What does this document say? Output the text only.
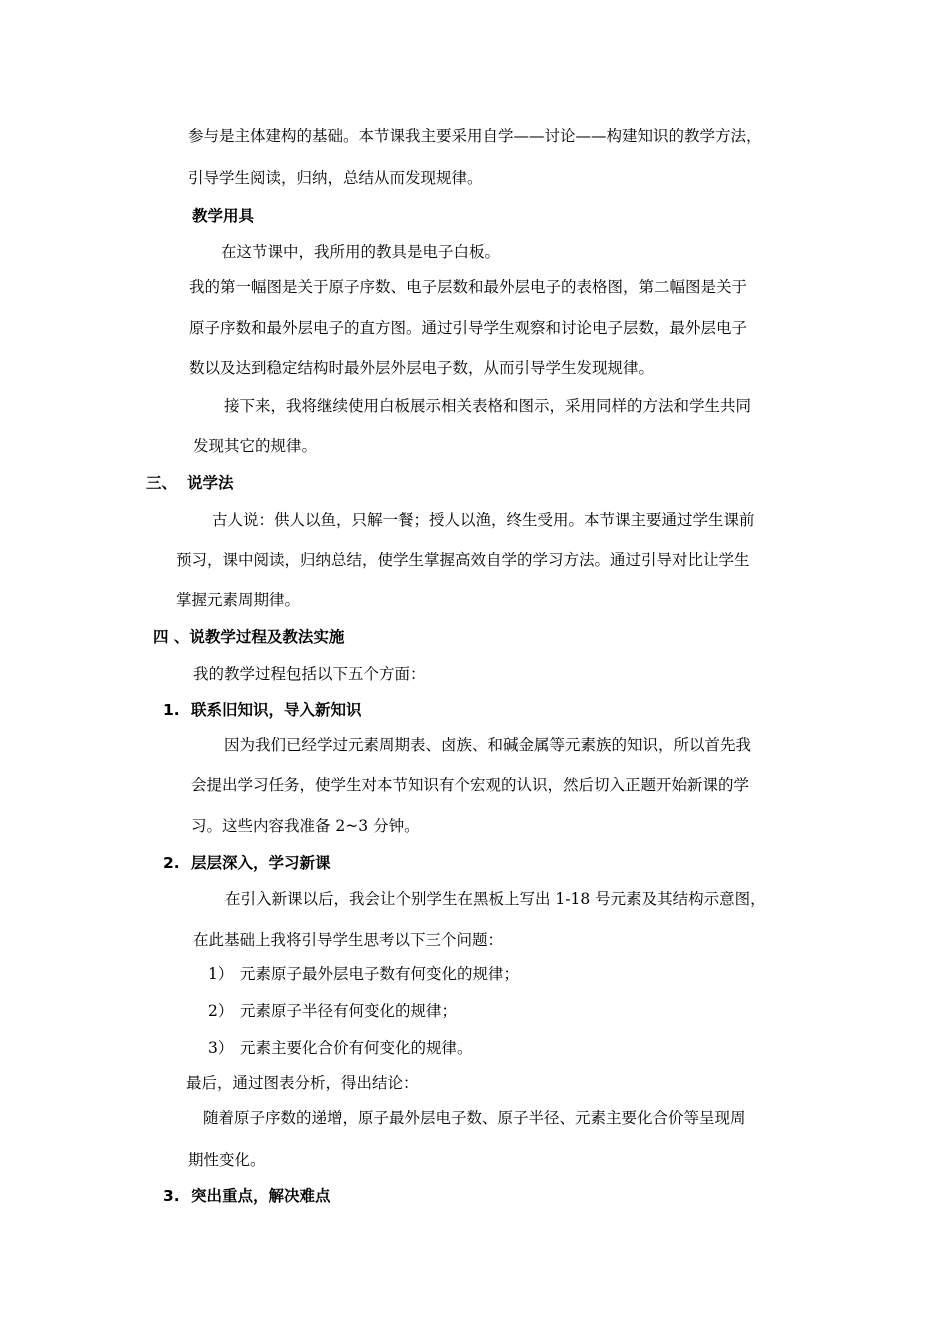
参与是主体建构的基础。本节课我主要采用自学——讨论——构建知识的教学方法，
引导学生阅读，归纳，总结从而发现规律。
教学用具
在这节课中，我所用的教具是电子白板。
我的第一幅图是关于原子序数、电子层数和最外层电子的表格图，第二幅图是关于
原子序数和最外层电子的直方图。通过引导学生观察和讨论电子层数，最外层电子
数以及达到稳定结构时最外层外层电子数，从而引导学生发现规律。
接下来，我将继续使用白板展示相关表格和图示，采用同样的方法和学生共同
发现其它的规律。
三、 说学法
古人说：供人以鱼，只解一餐；授人以渔，终生受用。本节课主要通过学生课前
预习，课中阅读，归纳总结，使学生掌握高效自学的学习方法。通过引导对比让学生
掌握元素周期律。
四 、说教学过程及教法实施
我的教学过程包括以下五个方面：
1. 联系旧知识，导入新知识
因为我们已经学过元素周期表、卤族、和碱金属等元素族的知识，所以首先我
会提出学习任务，使学生对本节知识有个宏观的认识，然后切入正题开始新课的学
习。这些内容我准备 2~3 分钟。
2. 层层深入，学习新课
在引入新课以后，我会让个别学生在黑板上写出 1-18 号元素及其结构示意图，
在此基础上我将引导学生思考以下三个问题：
1） 元素原子最外层电子数有何变化的规律；
2） 元素原子半径有何变化的规律；
3） 元素主要化合价有何变化的规律。
最后，通过图表分析，得出结论：
随着原子序数的递增，原子最外层电子数、原子半径、元素主要化合价等呈现周
期性变化。
3. 突出重点，解决难点
